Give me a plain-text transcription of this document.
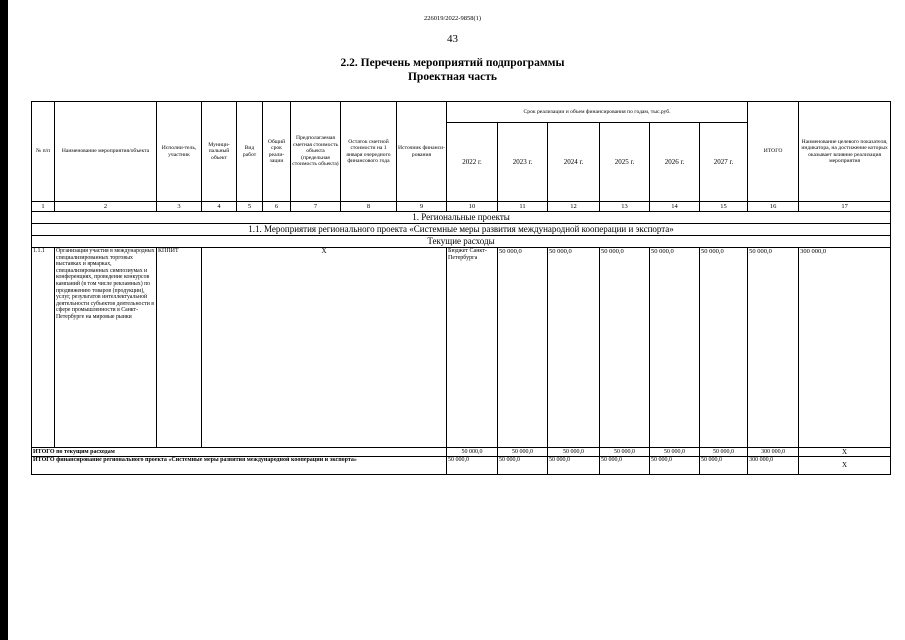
226019/2022-9858(1)
43
2.2. Перечень мероприятий подпрограммы
Проектная часть
№ п/п	Наименование мероприятия/объекта	Исполни-тель, участник	Муници-пальный объект	Вид работ	Общий срок реали-зации	Предполагаемая сметная стоимость объекта (предельная стоимость объекта)	Остаток сметной стоимости на 1 января очередного финансового года	Источник финанси-рования	Срок реализации и объем финансирования по годам, тыс.руб.						ИТОГО	Наименование целевого показателя, индикатора, на достижение которых оказывает влияние реализация мероприятия	
									2022 г.	2023 г.	2024 г.	2025 г.	2026 г.	2027 г.			
1	2	3	4	5	6	7	8	9	10	11	12	13	14	15	16	17	
1. Региональные проекты																	
1.1. Мероприятия регионального проекта «Системные меры развития международной кооперации и экспорта»																	
Текущие расходы																	
1.1.1	Организация участия в международных специализированных торговых выставках и ярмарках, специализированных симпозиумах и конференциях, проведение конкурсов кампаний (в том числе рекламных) по продвижению товаров (продукции), услуг, результатов интеллектуальной деятельности субъектов деятельности в сфере промышленности в Санкт-Петербурге на мировые рынки	КППИТ	Х						Бюджет Санкт-Петербурга	50 000,0	50 000,0	50 000,0	50 000,0	50 000,0	50 000,0	300 000,0	
ИТОГО по текущим расходам									50 000,0	50 000,0	50 000,0	50 000,0	50 000,0	50 000,0	300 000,0	Х	
ИТОГО финансирование регионального проекта «Системные меры развития международной кооперации и экспорта»									50 000,0	50 000,0	50 000,0	50 000,0	50 000,0	50 000,0	300 000,0	Х	
